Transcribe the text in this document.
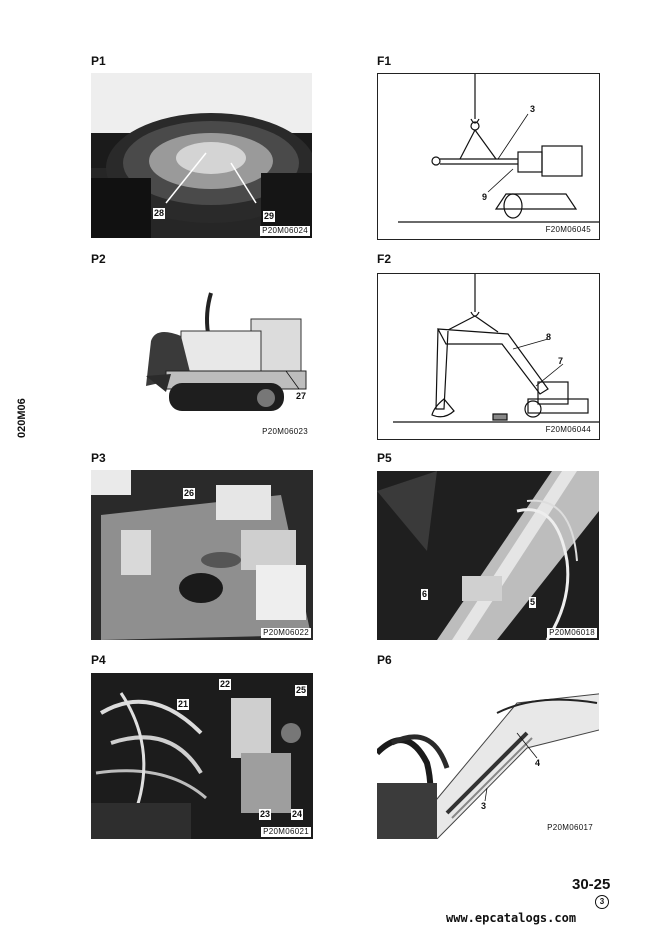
020M06
P1
28	29
P20M06024
F1
3
9
F20M06045
P2
27
P20M06023
F2
8
7
F20M06044
P3
26
P20M06022
P5
6
5
P20M06018
P4
22
25
21
23 24
P20M06021
P6
4
3
P20M06017
30-25
3
www.epcatalogs.com
